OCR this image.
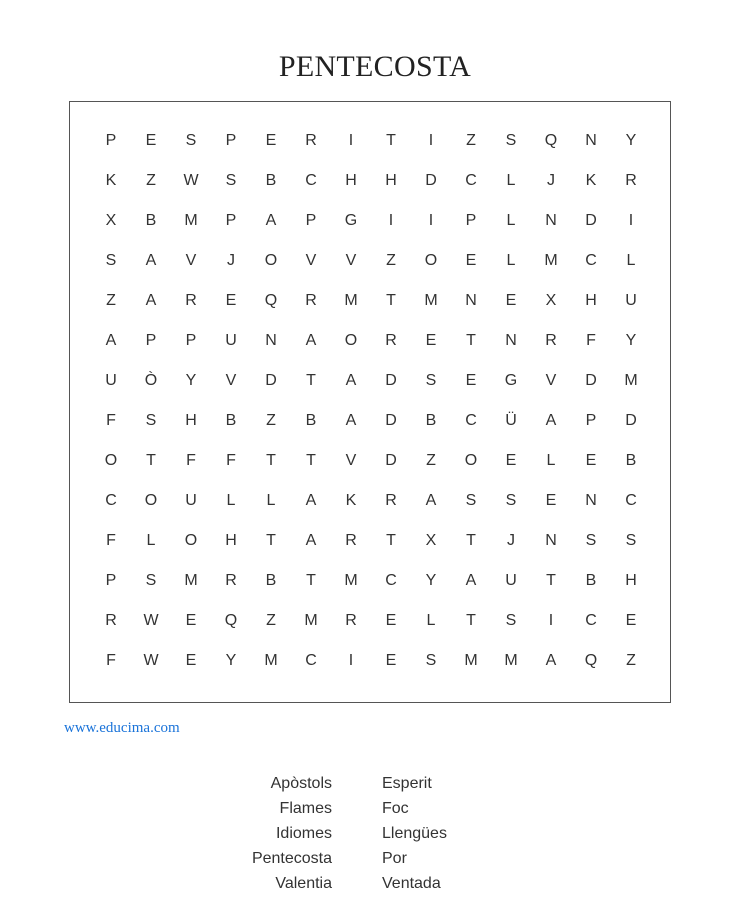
PENTECOSTA
P	E	S	P	E	R	I	T	I	Z	S	Q	N	Y
K	Z	W	S	B	C	H	H	D	C	L	J	K	R
X	B	M	P	A	P	G	I	I	P	L	N	D	I
S	A	V	J	O	V	V	Z	O	E	L	M	C	L
Z	A	R	E	Q	R	M	T	M	N	E	X	H	U
A	P	P	U	N	A	O	R	E	T	N	R	F	Y
U	Ò	Y	V	D	T	A	D	S	E	G	V	D	M
F	S	H	B	Z	B	A	D	B	C	Ü	A	P	D
O	T	F	F	T	T	V	D	Z	O	E	L	E	B
C	O	U	L	L	A	K	R	A	S	S	E	N	C
F	L	O	H	T	A	R	T	X	T	J	N	S	S
P	S	M	R	B	T	M	C	Y	A	U	T	B	H
R	W	E	Q	Z	M	R	E	L	T	S	I	C	E
F	W	E	Y	M	C	I	E	S	M	M	A	Q	Z
www.educima.com
Apòstols
Flames
Idiomes
Pentecosta
Valentia
Esperit
Foc
Llengües
Por
Ventada
